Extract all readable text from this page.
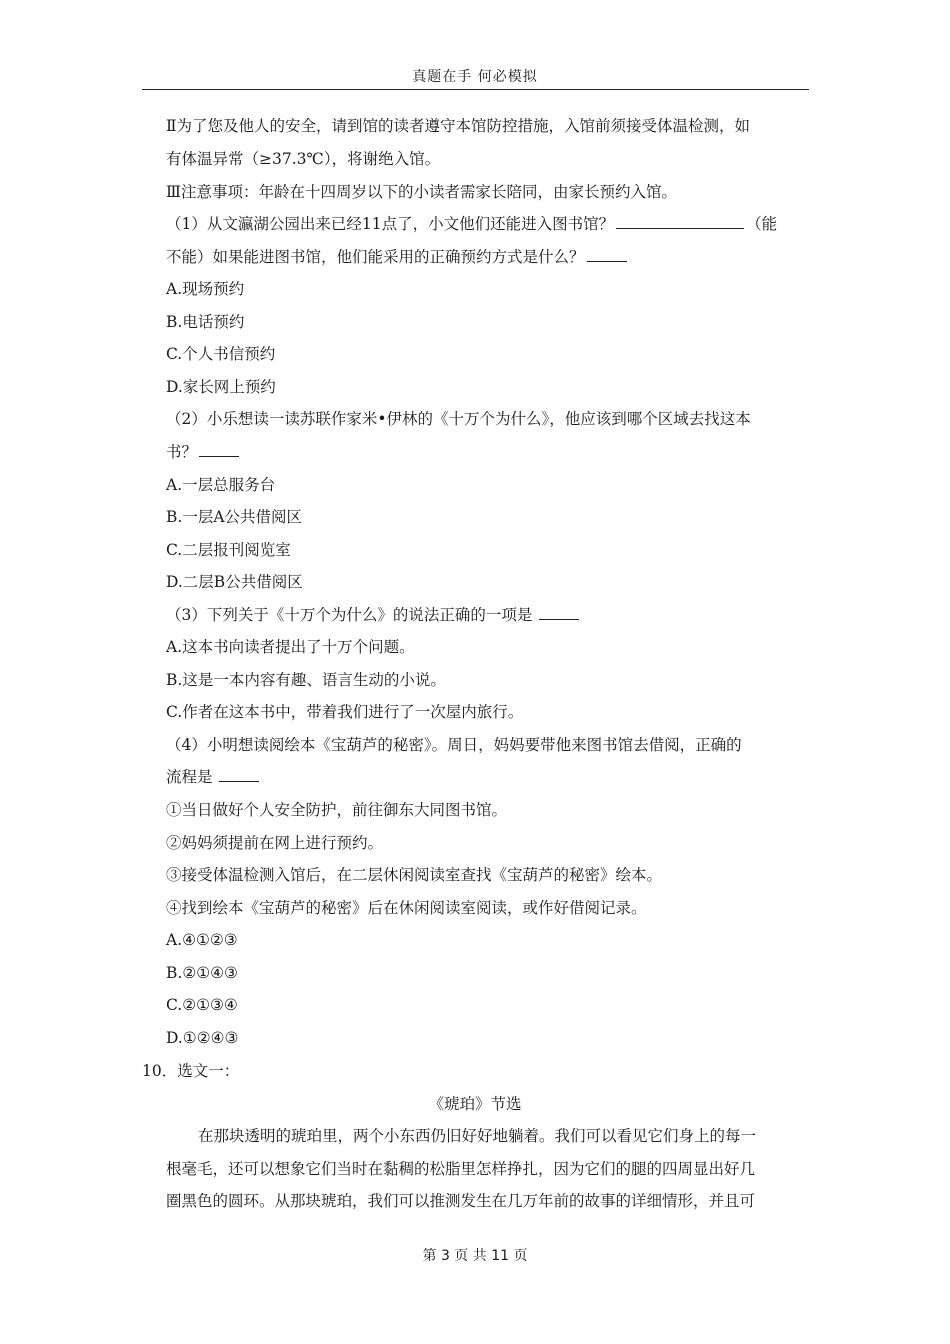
真题在手 何必模拟
Ⅱ为了您及他人的安全，请到馆的读者遵守本馆防控措施，入馆前须接受体温检测，如
有体温异常（≥37.3℃），将谢绝入馆。
Ⅲ注意事项：年龄在十四周岁以下的小读者需家长陪同，由家长预约入馆。
（1）从文瀛湖公园出来已经11点了，小文他们还能进入图书馆？	（能
不能）如果能进图书馆，他们能采用的正确预约方式是什么？
A.现场预约
B.电话预约
C.个人书信预约
D.家长网上预约
（2）小乐想读一读苏联作家米•伊林的《十万个为什么》，他应该到哪个区域去找这本
书？
A.一层总服务台
B.一层A公共借阅区
C.二层报刊阅览室
D.二层B公共借阅区
（3）下列关于《十万个为什么》的说法正确的一项是
A.这本书向读者提出了十万个问题。
B.这是一本内容有趣、语言生动的小说。
C.作者在这本书中，带着我们进行了一次屋内旅行。
（4）小明想读阅绘本《宝葫芦的秘密》。周日，妈妈要带他来图书馆去借阅，正确的
流程是
①当日做好个人安全防护，前往御东大同图书馆。
②妈妈须提前在网上进行预约。
③接受体温检测入馆后，在二层休闲阅读室查找《宝葫芦的秘密》绘本。
④找到绘本《宝葫芦的秘密》后在休闲阅读室阅读，或作好借阅记录。
A.④①②③
B.②①④③
C.②①③④
D.①②④③
10．选文一：
《琥珀》节选
在那块透明的琥珀里，两个小东西仍旧好好地躺着。我们可以看见它们身上的每一
根毫毛，还可以想象它们当时在黏稠的松脂里怎样挣扎，因为它们的腿的四周显出好几
圈黑色的圆环。从那块琥珀，我们可以推测发生在几万年前的故事的详细情形，并且可
第 3 页 共 11 页
